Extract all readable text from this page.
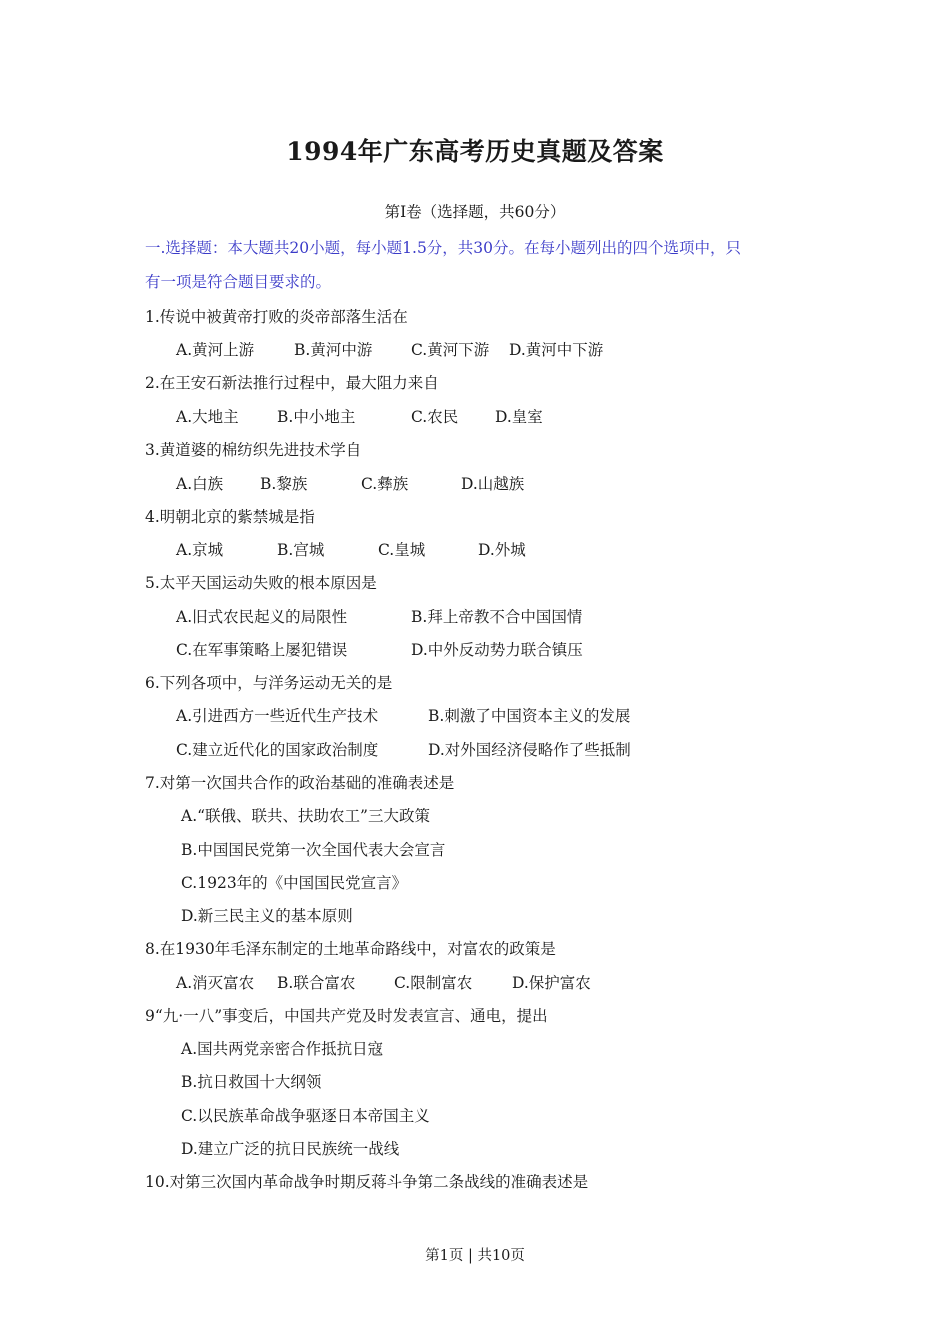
1994年广东高考历史真题及答案
第Ⅰ卷（选择题，共60分）
一.选择题：本大题共20小题，每小题1.5分，共30分。在每小题列出的四个选项中，只
有一项是符合题目要求的。
1.传说中被黄帝打败的炎帝部落生活在
A.黄河上游	B.黄河中游 C.黄河下游 D.黄河中下游
2.在王安石新法推行过程中，最大阻力来自
A.大地主 B.中小地主	C.农民 D.皇室
3.黄道婆的棉纺织先进技术学自
A.白族 B.黎族	C.彝族	D.山越族
4.明朝北京的紫禁城是指
A.京城	B.宫城	C.皇城	D.外城
5.太平天国运动失败的根本原因是
A.旧式农民起义的局限性	B.拜上帝教不合中国国情
C.在军事策略上屡犯错误	D.中外反动势力联合镇压
6.下列各项中，与洋务运动无关的是
A.引进西方一些近代生产技术	B.刺激了中国资本主义的发展
C.建立近代化的国家政治制度	D.对外国经济侵略作了些抵制
7.对第一次国共合作的政治基础的准确表述是
A.“联俄、联共、扶助农工”三大政策
B.中国国民党第一次全国代表大会宣言
C.1923年的《中国国民党宣言》
D.新三民主义的基本原则
8.在1930年毛泽东制定的土地革命路线中，对富农的政策是
A.消灭富农 B.联合富农 C.限制富农	D.保护富农
9“九·一八”事变后，中国共产党及时发表宣言、通电，提出
A.国共两党亲密合作抵抗日寇
B.抗日救国十大纲领
C.以民族革命战争驱逐日本帝国主义
D.建立广泛的抗日民族统一战线
10.对第三次国内革命战争时期反蒋斗争第二条战线的准确表述是
第1页 | 共10页
